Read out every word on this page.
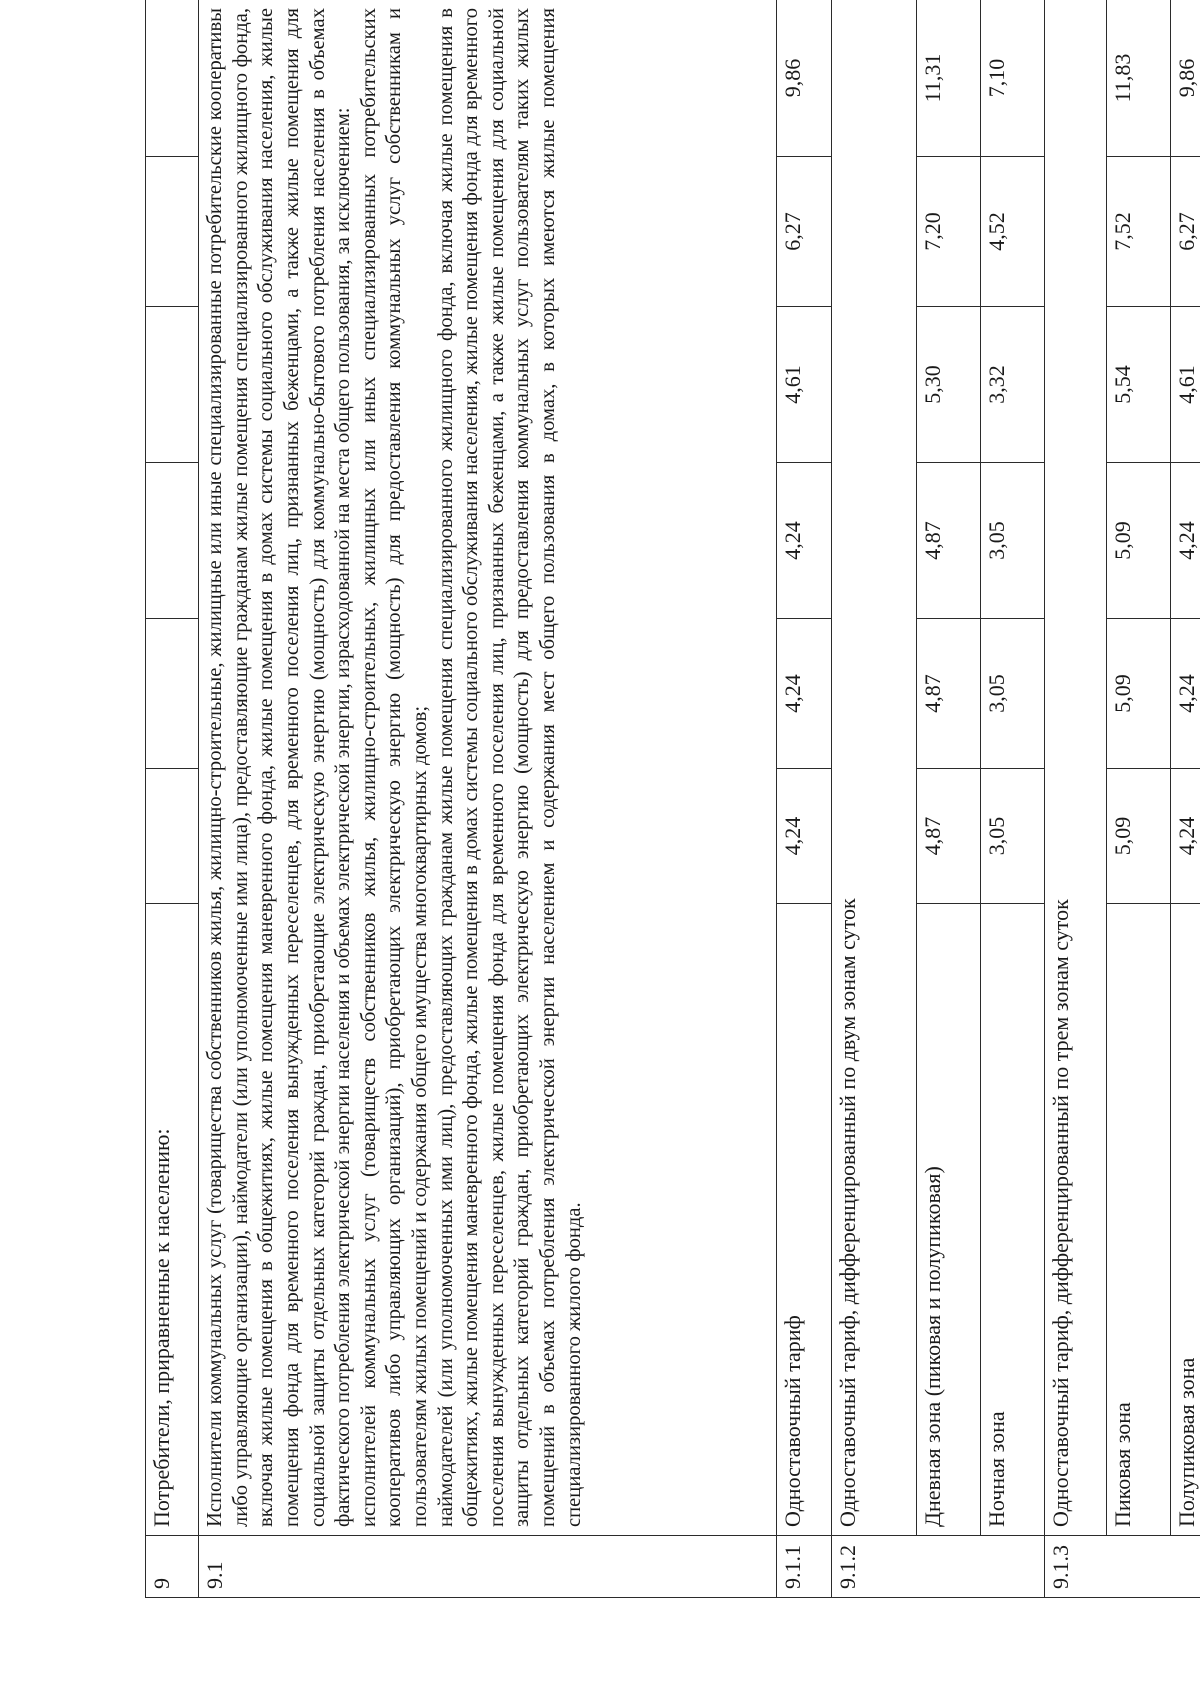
9	Потребители, приравненные к населению:						
9.1	Исполнители коммунальных услуг (товарищества собственников жилья, жилищно-строительные, жилищные или иные специализированные потребительские кооперативы либо управляющие организации), наймодатели (или уполномоченные ими лица), предоставляющие гражданам жилые помещения специализированного жилищного фонда, включая жилые помещения в общежитиях, жилые помещения маневренного фонда, жилые помещения в домах системы социального обслуживания населения, жилые помещения фонда для временного поселения вынужденных переселенцев, для временного поселения лиц, признанных беженцами, а также жилые помещения для социальной защиты отдельных категорий граждан, приобретающие электрическую энергию (мощность) для коммунально-бытового потребления населения в объемах фактического потребления электрической энергии населения и объемах электрической энергии, израсходованной на места общего пользования, за исключением: исполнителей коммунальных услуг (товариществ собственников жилья, жилищно-строительных, жилищных или иных специализированных потребительских кооперативов либо управляющих организаций), приобретающих электрическую энергию (мощность) для предоставления коммунальных услуг собственникам и пользователям жилых помещений и содержания общего имущества многоквартирных домов; наймодателей (или уполномоченных ими лиц), предоставляющих гражданам жилые помещения специализированного жилищного фонда, включая жилые помещения в общежитиях, жилые помещения маневренного фонда, жилые помещения в домах системы социального обслуживания населения, жилые помещения фонда для временного поселения вынужденных переселенцев, жилые помещения фонда для временного поселения лиц, признанных беженцами, а также жилые помещения для социальной защиты отдельных категорий граждан, приобретающих электрическую энергию (мощность) для предоставления коммунальных услуг пользователям таких жилых помещений в объемах потребления электрической энергии населением и содержания мест общего пользования в домах, в которых имеются жилые помещения специализированного жилого фонда.						

9.1.1	Одноставочный тариф	4,24	4,24	4,24	4,61	6,27	9,86
9.1.2	Одноставочный тариф, дифференцированный по двум зонам суток						
	Дневная зона (пиковая и полупиковая)	4,87	4,87	4,87	5,30	7,20	11,31
	Ночная зона	3,05	3,05	3,05	3,32	4,52	7,10
9.1.3	Одноставочный тариф, дифференцированный по трем зонам суток						
	Пиковая зона	5,09	5,09	5,09	5,54	7,52	11,83
	Полупиковая зона	4,24	4,24	4,24	4,61	6,27	9,86
